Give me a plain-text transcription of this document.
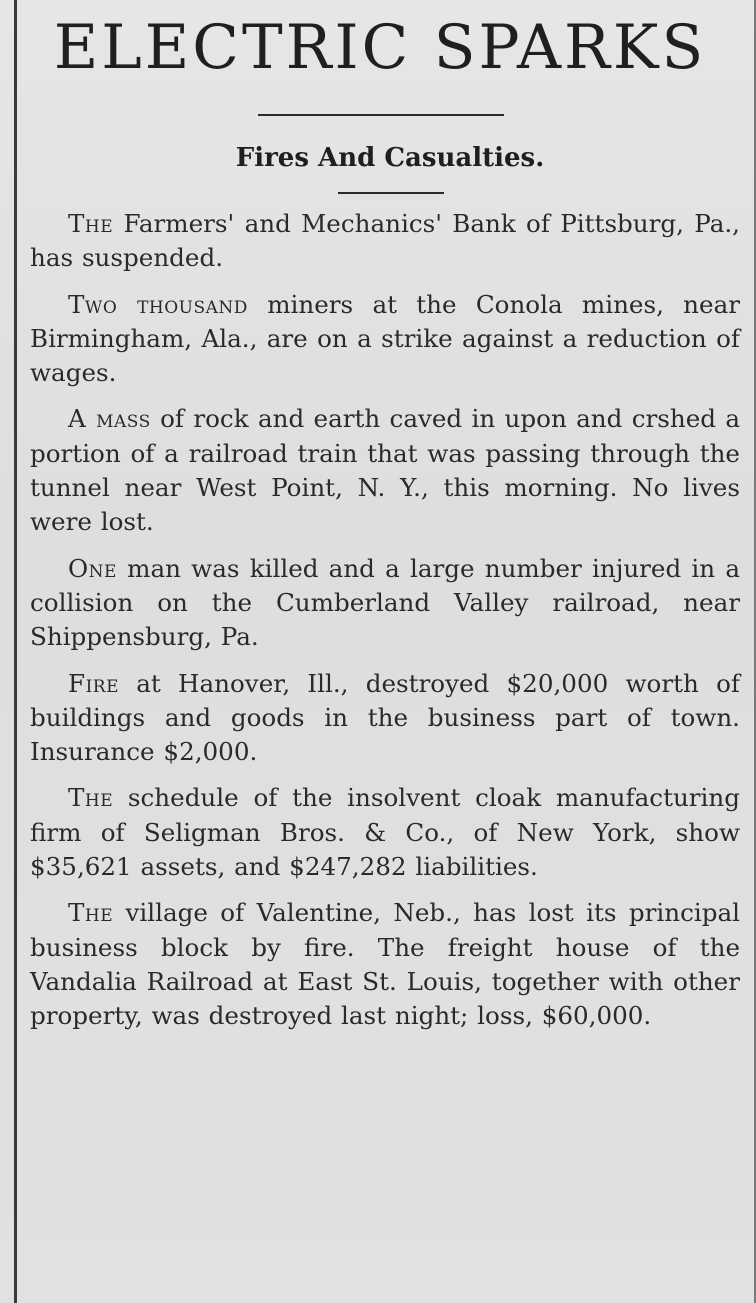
ELECTRIC SPARKS
Fires And Casualties.

The Farmers' and Mechanics' Bank of Pittsburg, Pa., has suspended.

Two thousand miners at the Conola mines, near Birmingham, Ala., are on a strike against a reduction of wages.

A mass of rock and earth caved in upon and crshed a portion of a railroad train that was passing through the tunnel near West Point, N. Y., this morning. No lives were lost.

One man was killed and a large number injured in a collision on the Cumberland Valley railroad, near Shippensburg, Pa.

Fire at Hanover, Ill., destroyed $20,000 worth of buildings and goods in the business part of town. Insurance $2,000.

The schedule of the insolvent cloak manufacturing firm of Seligman Bros. & Co., of New York, show $35,621 assets, and $247,282 liabilities.

The village of Valentine, Neb., has lost its principal business block by fire. The freight house of the Vandalia Railroad at East St. Louis, together with other property, was destroyed last night; loss, $60,000.
